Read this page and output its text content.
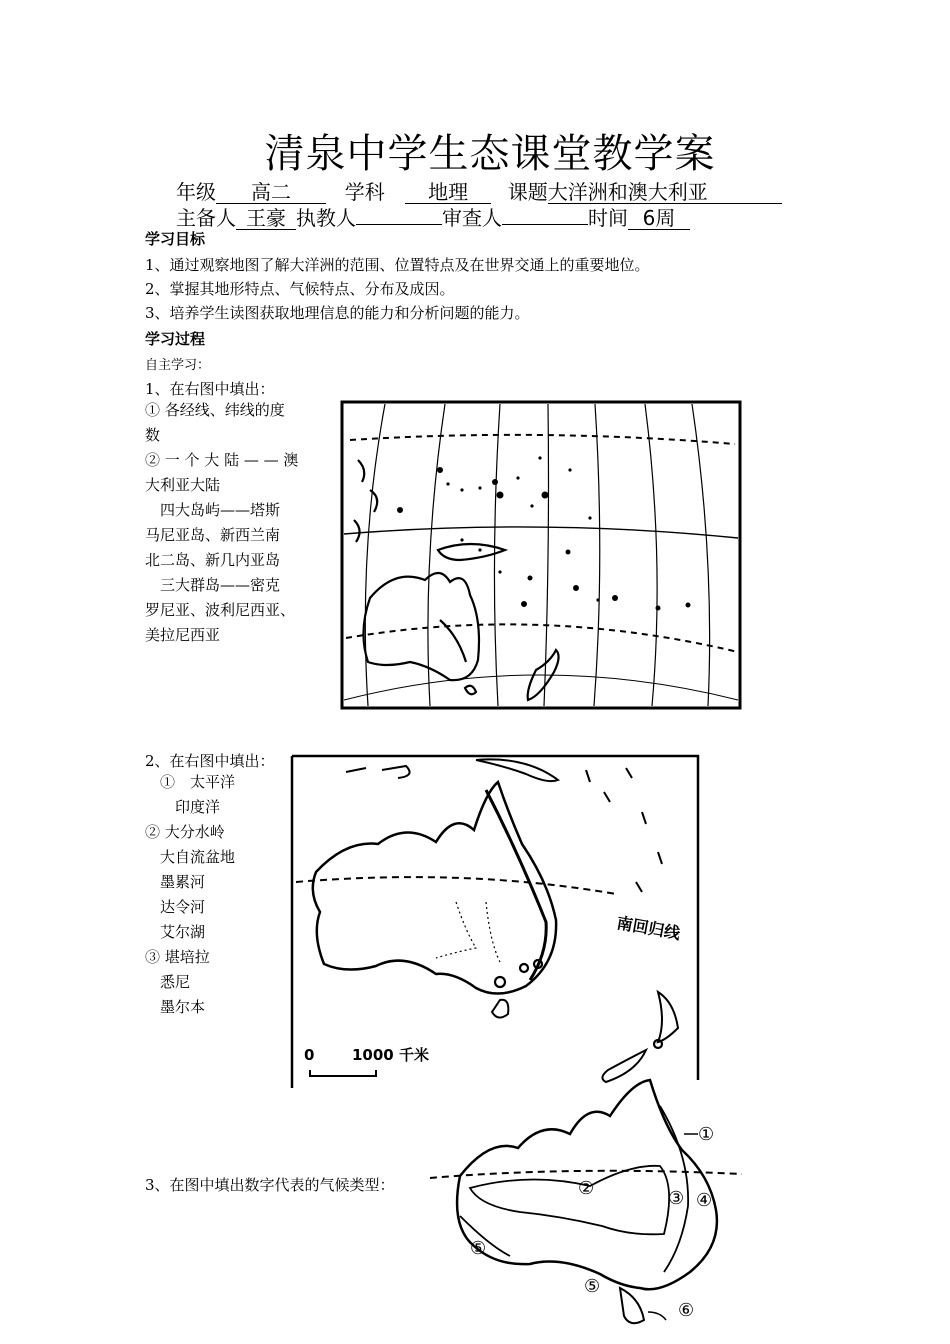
清泉中学生态课堂教学案
年级 高二	学科 地理 课题大洋洲和澳大利亚
主备人 王豪 执教人	审查人	时间 6周
学习目标
1、通过观察地图了解大洋洲的范围、位置特点及在世界交通上的重要地位。
2、掌握其地形特点、气候特点、分布及成因。
3、培养学生读图获取地理信息的能力和分析问题的能力。
学习过程
自主学习：
1、在右图中填出：
① 各经线、纬线的度
数
② 一 个 大 陆 — — 澳
大利亚大陆
　四大岛屿——塔斯
马尼亚岛、新西兰南
北二岛、新几内亚岛
　三大群岛——密克
罗尼亚、波利尼西亚、
美拉尼西亚
2、在右图中填出：
　①　太平洋
　　印度洋
② 大分水岭
　大自流盆地
　墨累河
　达令河
　艾尔湖
③ 堪培拉
　悉尼
　墨尔本
南回归线
0	1000 千米
3、在图中填出数字代表的气候类型：
①
②	③ ④
⑤
⑤
⑥
